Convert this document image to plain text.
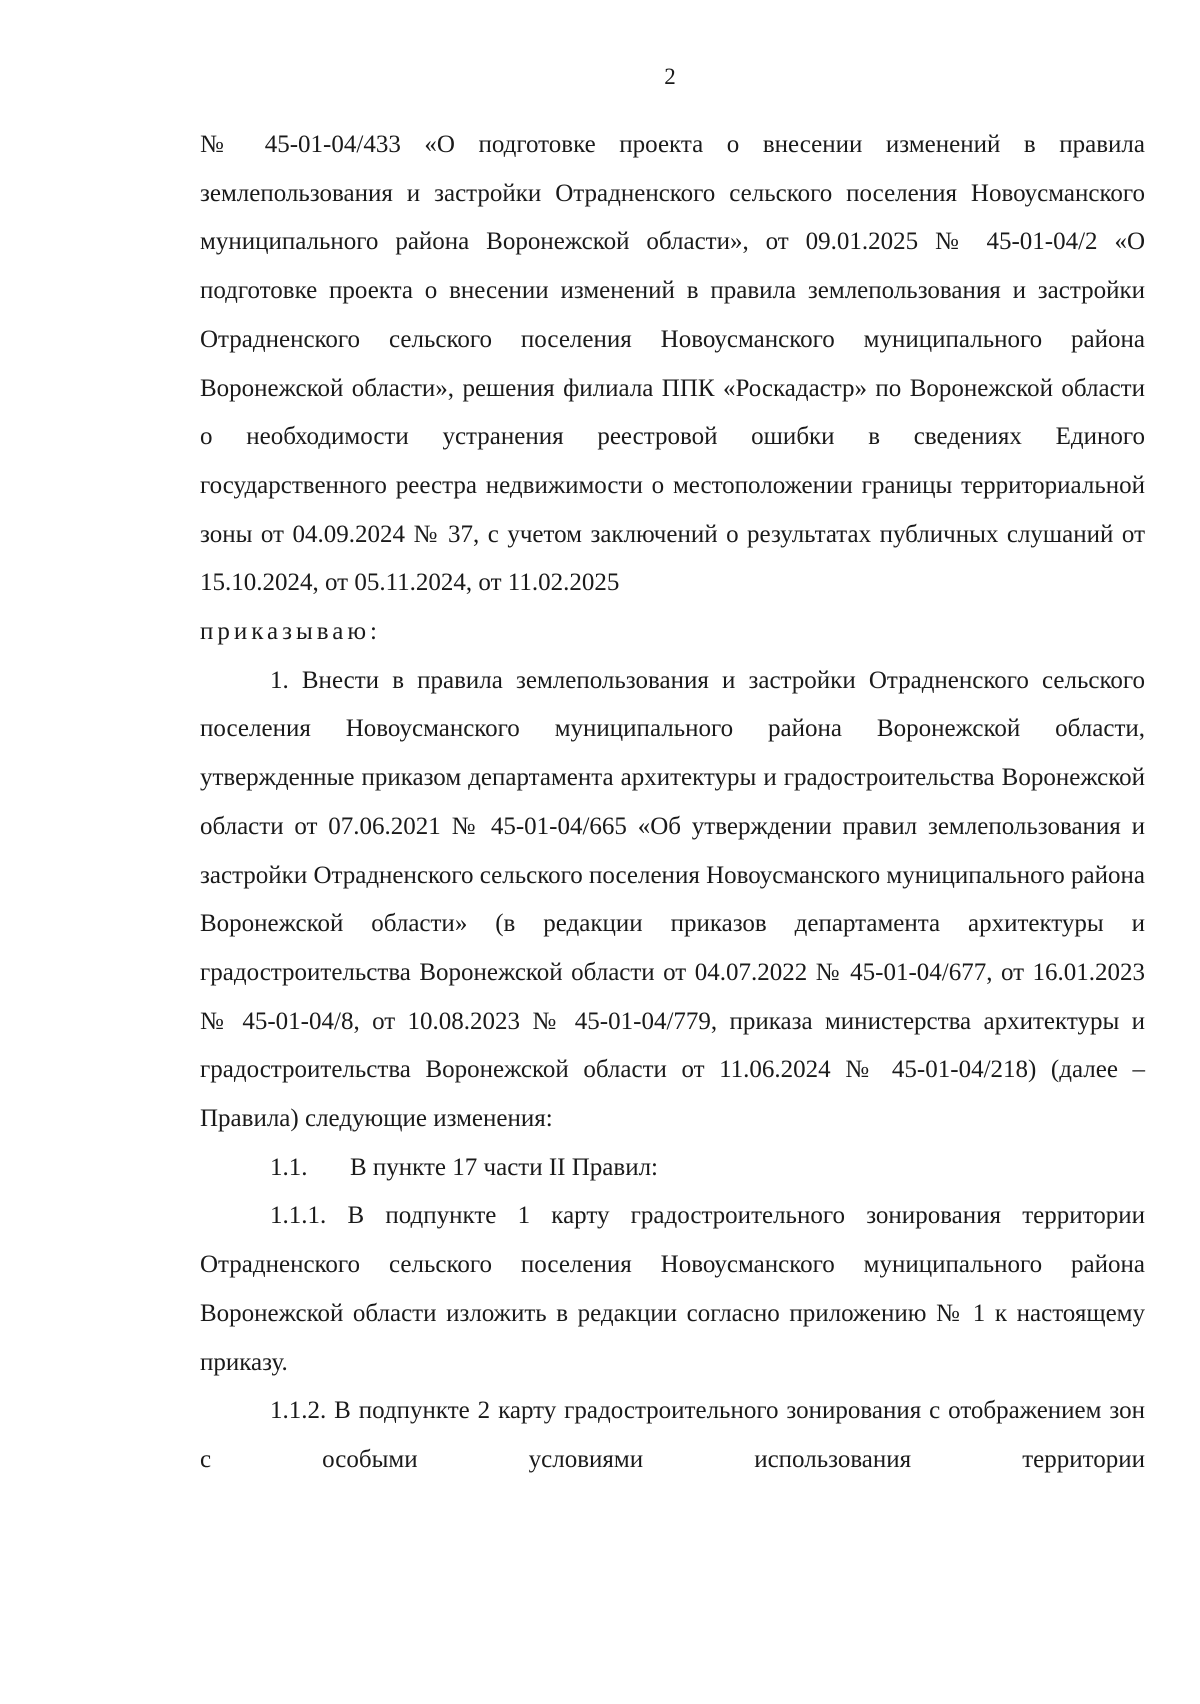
2

№ 45-01-04/433 «О подготовке проекта о внесении изменений в правила землепользования и застройки Отрадненского сельского поселения Новоусманского муниципального района Воронежской области», от 09.01.2025 № 45-01-04/2 «О подготовке проекта о внесении изменений в правила землепользования и застройки Отрадненского сельского поселения Новоусманского муниципального района Воронежской области», решения филиала ППК «Роскадастр» по Воронежской области о необходимости устранения реестровой ошибки в сведениях Единого государственного реестра недвижимости о местоположении границы территориальной зоны от 04.09.2024 № 37, с учетом заключений о результатах публичных слушаний от 15.10.2024, от 05.11.2024, от 11.02.2025

приказываю:

1. Внести в правила землепользования и застройки Отрадненского сельского поселения Новоусманского муниципального района Воронежской области, утвержденные приказом департамента архитектуры и градостроительства Воронежской области от 07.06.2021 № 45-01-04/665 «Об утверждении правил землепользования и застройки Отрадненского сельского поселения Новоусманского муниципального района Воронежской области» (в редакции приказов департамента архитектуры и градостроительства Воронежской области от 04.07.2022 № 45-01-04/677, от 16.01.2023 № 45-01-04/8, от 10.08.2023 № 45-01-04/779, приказа министерства архитектуры и градостроительства Воронежской области от 11.06.2024 № 45-01-04/218) (далее – Правила) следующие изменения:

1.1.	В пункте 17 части II Правил:

1.1.1. В подпункте 1 карту градостроительного зонирования территории Отрадненского сельского поселения Новоусманского муниципального района Воронежской области изложить в редакции согласно приложению № 1 к настоящему приказу.

1.1.2. В подпункте 2 карту градостроительного зонирования с отображением зон с особыми условиями использования территории
